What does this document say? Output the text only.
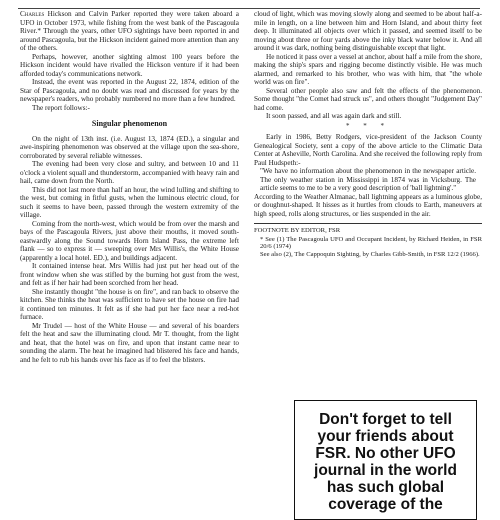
Charles Hickson and Calvin Parker reported they were taken aboard a UFO in October 1973, while fishing from the west bank of the Pascagoula River.* Through the years, other UFO sightings have been reported in and around Pascagoula, but the Hickson incident gained more attention than any of the others.

Perhaps, however, another sighting almost 100 years before the Hickson incident would have rivalled the Hickson venture if it had been afforded today's communications network.

Instead, the event was reported in the August 22, 1874, edition of the Star of Pascagoula, and no doubt was read and discussed for years by the newspaper's readers, who probably numbered no more than a few hundred.

The report follows:-

Singular phenomenon

On the night of 13th inst. (i.e. August 13, 1874 (ED.), a singular and awe-inspiring phenomenon was observed at the village upon the sea-shore, corroborated by several reliable witnesses.

The evening had been very close and sultry, and between 10 and 11 o'clock a violent squall and thunderstorm, accompanied with heavy rain and hail, came down from the North.

This did not last more than half an hour, the wind lulling and shifting to the west, but coming in fitful gusts, when the luminous electric cloud, for such it seems to have been, passed through the western extremity of the village.

Coming from the north-west, which would be from over the marsh and bays of the Pascagoula Rivers, just above their mouths, it moved south-eastwardly along the Sound towards Horn Island Pass, the extreme left flank — so to express it — sweeping over Mrs Willis's, the White House (apparently a local hotel. ED.), and buildings adjacent.

It contained intense heat. Mrs Willis had just put her head out of the front window when she was stifled by the burning hot gust from the west, and felt as if her hair had been scorched from her head.

She instantly thought "the house is on fire", and ran back to observe the kitchen. She thinks the heat was sufficient to have set the house on fire had it continued ten minutes. It felt as if she had put her face near a red-hot furnace.

Mr Trudel — host of the White House — and several of his boarders felt the heat and saw the illuminating cloud. Mr T. thought, from the light and heat, that the hotel was on fire, and upon that instant came near to sounding the alarm. The heat he imagined had blistered his face and hands, and he felt to rub his hands over his face as if to feel the blisters.

cloud of light, which was moving slowly along and seemed to be about half-a-mile in length, on a line between him and Horn Island, and about thirty feet deep. It illuminated all objects over which it passed, and seemed itself to be moving about three or four yards above the inky black water below it. And all around it was dark, nothing being distinguishable except that light.

He noticed it pass over a vessel at anchor, about half a mile from the shore, making the ship's spars and rigging become distinctly visible. He was much alarmed, and remarked to his brother, who was with him, that "the whole world was on fire".

Several other people also saw and felt the effects of the phenomenon. Some thought "the Comet had struck us", and others thought "Judgement Day" had come.

It soon passed, and all was again dark and still.

* * *

Early in 1986, Betty Rodgers, vice-president of the Jackson County Genealogical Society, sent a copy of the above article to the Climatic Data Center at Asheville, North Carolina. And she received the following reply from Paul Hudspeth:-

"We have no information about the phenomenon in the newspaper article. The only weather station in Mississippi in 1874 was in Vicksburg. The article seems to me to be a very good description of 'ball lightning'."

According to the Weather Almanac, ball lightning appears as a luminous globe, or doughnut-shaped. It hisses as it hurtles from clouds to Earth, maneuvers at high speed, rolls along structures, or lies suspended in the air.

FOOTNOTE BY EDITOR, FSR

* See (1) The Pascagoula UFO and Occupant Incident, by Richard Heiden, in FSR 20/6 (1974)

See also (2), The Cappoquin Sighting, by Charles Gibb-Smith, in FSR 12/2 (1966).

Don't forget to tell your friends about FSR. No other UFO journal in the world has such global coverage of the
